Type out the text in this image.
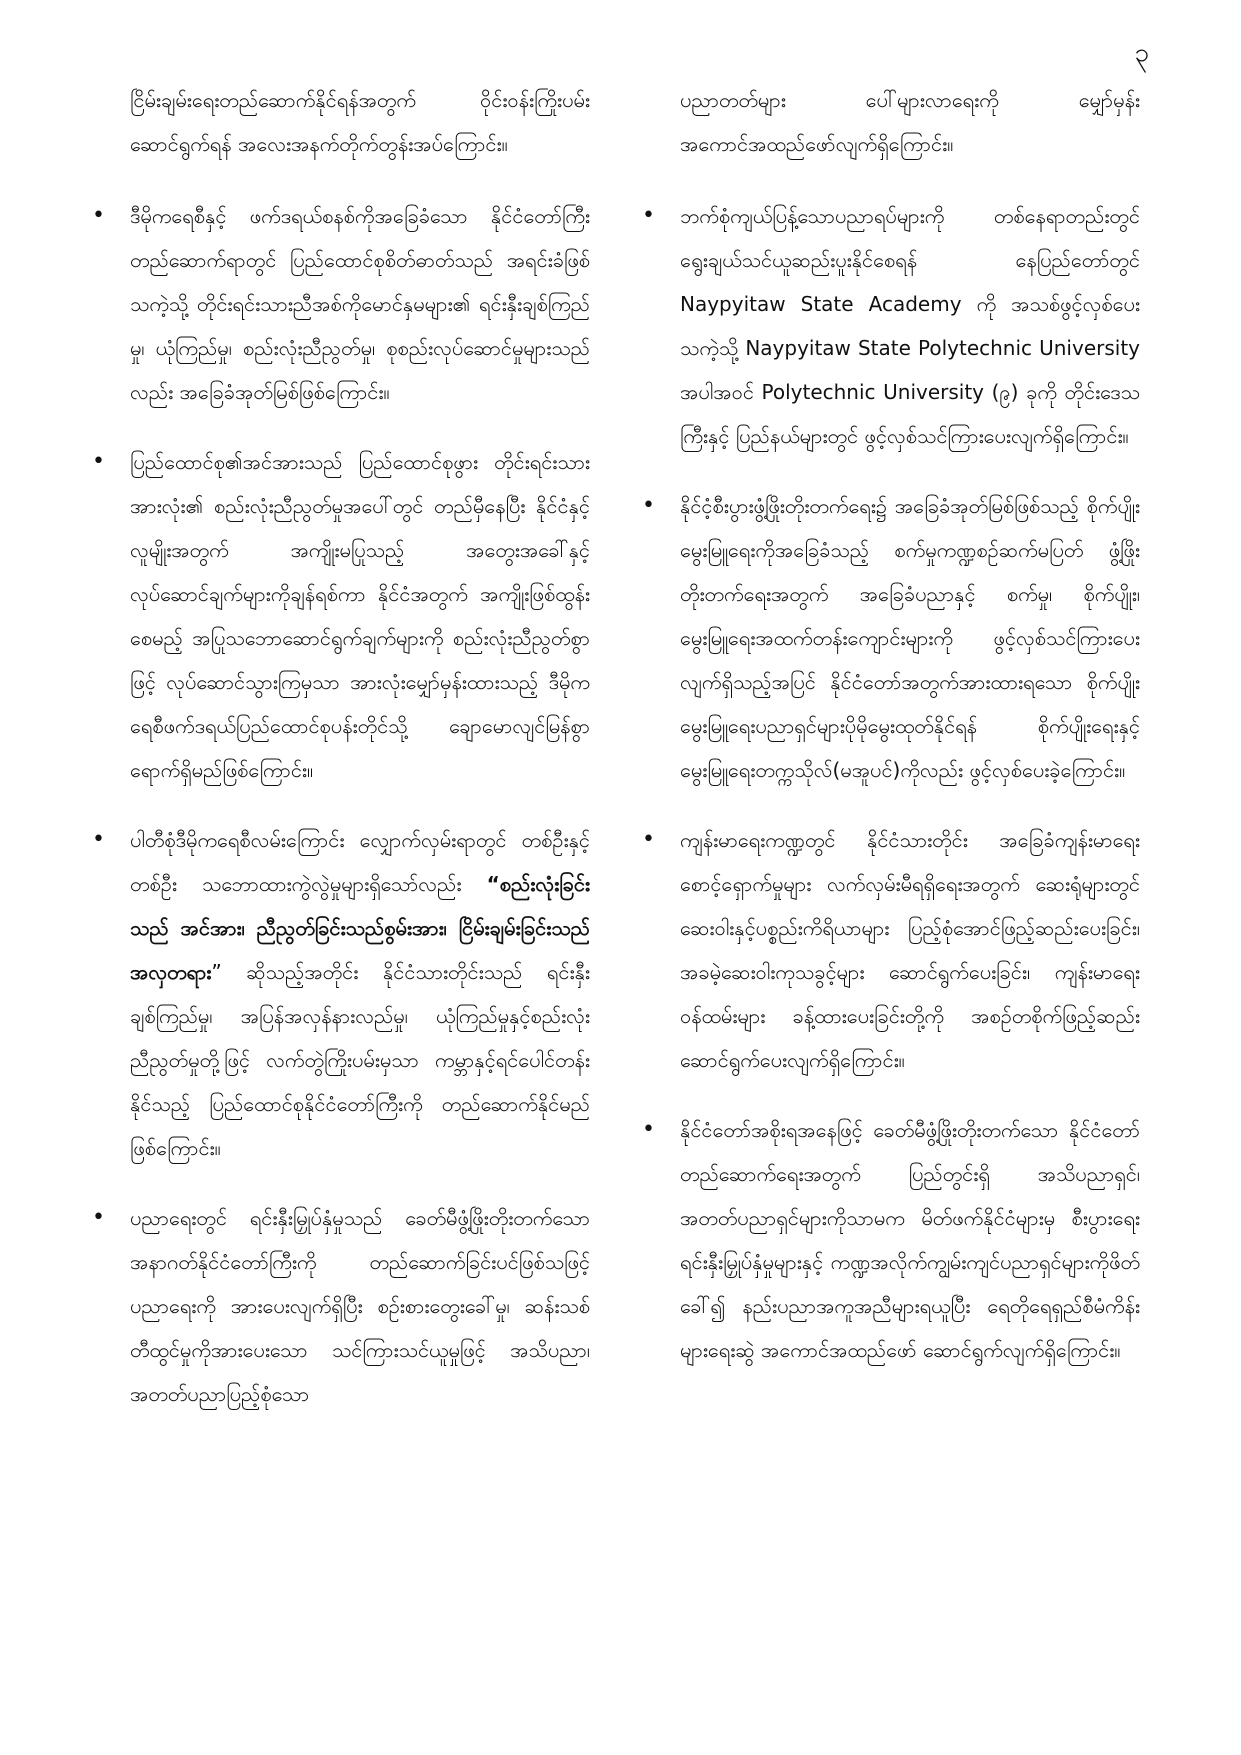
၃

ငြိမ်းချမ်းရေးတည်ဆောက်နိုင်ရန်အတွက် ဝိုင်းဝန်းကြိုးပမ်းဆောင်ရွက်ရန် အလေးအနက်တိုက်တွန်းအပ်ကြောင်း။

• ဒီမိုကရေစီနှင့် ဖက်ဒရယ်စနစ်ကိုအခြေခံသော နိုင်ငံတော်ကြီးတည်ဆောက်ရာတွင် ပြည်ထောင်စုစိတ်ဓာတ်သည် အရင်းခံဖြစ်သကဲ့သို့ တိုင်းရင်းသားညီအစ်ကိုမောင်နှမများ၏ ရင်းနှီးချစ်ကြည်မှု၊ ယုံကြည်မှု၊ စည်းလုံးညီညွတ်မှု၊ စုစည်းလုပ်ဆောင်မှုများသည်လည်း အခြေခံအုတ်မြစ်ဖြစ်ကြောင်း။

• ပြည်ထောင်စု၏အင်အားသည် ပြည်ထောင်စုဖွား တိုင်းရင်းသားအားလုံး၏ စည်းလုံးညီညွတ်မှုအပေါ်တွင် တည်မှီနေပြီး နိုင်ငံနှင့်လူမျိုးအတွက် အကျိုးမပြုသည့် အတွေးအခေါ်နှင့် လုပ်ဆောင်ချက်များကိုချန်ရစ်ကာ နိုင်ငံအတွက် အကျိုးဖြစ်ထွန်းစေမည့် အပြုသဘောဆောင်ရွက်ချက်များကို စည်းလုံးညီညွတ်စွာဖြင့် လုပ်ဆောင်သွားကြမှသာ အားလုံးမျှော်မှန်းထားသည့် ဒီမိုကရေစီဖက်ဒရယ်ပြည်ထောင်စုပန်းတိုင်သို့ ချောမောလျင်မြန်စွာရောက်ရှိမည်ဖြစ်ကြောင်း။

• ပါတီစုံဒီမိုကရေစီလမ်းကြောင်း လျှောက်လှမ်းရာတွင် တစ်ဦးနှင့်တစ်ဦး သဘောထားကွဲလွဲမှုများရှိသော်လည်း “စည်းလုံးခြင်းသည် အင်အား၊ ညီညွတ်ခြင်းသည်စွမ်းအား၊ ငြိမ်းချမ်းခြင်းသည် အလှတရား” ဆိုသည့်အတိုင်း နိုင်ငံသားတိုင်းသည် ရင်းနှီးချစ်ကြည်မှု၊ အပြန်အလှန်နားလည်မှု၊ ယုံကြည်မှုနှင့်စည်းလုံးညီညွတ်မှုတို့ဖြင့် လက်တွဲကြိုးပမ်းမှသာ ကမ္ဘာနှင့်ရင်ပေါင်တန်းနိုင်သည့် ပြည်ထောင်စုနိုင်ငံတော်ကြီးကို တည်ဆောက်နိုင်မည်ဖြစ်ကြောင်း။

• ပညာရေးတွင် ရင်းနှီးမြှုပ်နှံမှုသည် ခေတ်မီဖွံ့ဖြိုးတိုးတက်သော အနာဂတ်နိုင်ငံတော်ကြီးကို တည်ဆောက်ခြင်းပင်ဖြစ်သဖြင့် ပညာရေးကို အားပေးလျက်ရှိပြီး စဉ်းစားတွေးခေါ်မှု၊ ဆန်းသစ်တီထွင်မှုကိုအားပေးသော သင်ကြားသင်ယူမှုဖြင့် အသိပညာ၊ အတတ်ပညာပြည့်စုံသော

ပညာတတ်များ ပေါ်များလာရေးကို မျှော်မှန်းအကောင်အထည်ဖော်လျက်ရှိကြောင်း။

• ဘက်စုံကျယ်ပြန့်သောပညာရပ်များကို တစ်နေရာတည်းတွင် ရွေးချယ်သင်ယူဆည်းပူးနိုင်စေရန် နေပြည်တော်တွင် Naypyitaw State Academy ကို အသစ်ဖွင့်လှစ်ပေးသကဲ့သို့ Naypyitaw State Polytechnic University အပါအဝင် Polytechnic University (၉) ခုကို တိုင်းဒေသကြီးနှင့် ပြည်နယ်များတွင် ဖွင့်လှစ်သင်ကြားပေးလျက်ရှိကြောင်း။

• နိုင်ငံ့စီးပွားဖွံ့ဖြိုးတိုးတက်ရေး၌ အခြေခံအုတ်မြစ်ဖြစ်သည့် စိုက်ပျိုးမွေးမြူရေးကိုအခြေခံသည့် စက်မှုကဏ္ဍစဉ်ဆက်မပြတ် ဖွံ့ဖြိုးတိုးတက်ရေးအတွက် အခြေခံပညာနှင့် စက်မှု၊ စိုက်ပျိုး၊ မွေးမြူရေးအထက်တန်းကျောင်းများကို ဖွင့်လှစ်သင်ကြားပေးလျက်ရှိသည့်အပြင် နိုင်ငံတော်အတွက်အားထားရသော စိုက်ပျိုးမွေးမြူရေးပညာရှင်များပိုမိုမွေးထုတ်နိုင်ရန် စိုက်ပျိုးရေးနှင့် မွေးမြူရေးတက္ကသိုလ်(မအူပင်)ကိုလည်း ဖွင့်လှစ်ပေးခဲ့ကြောင်း။

• ကျန်းမာရေးကဏ္ဍတွင် နိုင်ငံသားတိုင်း အခြေခံကျန်းမာရေးစောင့်ရှောက်မှုများ လက်လှမ်းမီရရှိရေးအတွက် ဆေးရုံများတွင် ဆေးဝါးနှင့်ပစ္စည်းကိရိယာများ ပြည့်စုံအောင်ဖြည့်ဆည်းပေးခြင်း၊ အခမဲ့ဆေးဝါးကုသခွင့်များ ဆောင်ရွက်ပေးခြင်း၊ ကျန်းမာရေးဝန်ထမ်းများ ခန့်ထားပေးခြင်းတို့ကို အစဉ်တစိုက်ဖြည့်ဆည်းဆောင်ရွက်ပေးလျက်ရှိကြောင်း။

• နိုင်ငံတော်အစိုးရအနေဖြင့် ခေတ်မီဖွံ့ဖြိုးတိုးတက်သော နိုင်ငံတော်တည်ဆောက်ရေးအတွက် ပြည်တွင်းရှိ အသိပညာရှင်၊ အတတ်ပညာရှင်များကိုသာမက မိတ်ဖက်နိုင်ငံများမှ စီးပွားရေးရင်းနှီးမြှုပ်နှံမှုများနှင့် ကဏ္ဍအလိုက်ကျွမ်းကျင်ပညာရှင်များကိုဖိတ်ခေါ်၍ နည်းပညာအကူအညီများရယူပြီး ရေတိုရေရှည်စီမံကိန်းများရေးဆွဲ အကောင်အထည်ဖော် ဆောင်ရွက်လျက်ရှိကြောင်း။
